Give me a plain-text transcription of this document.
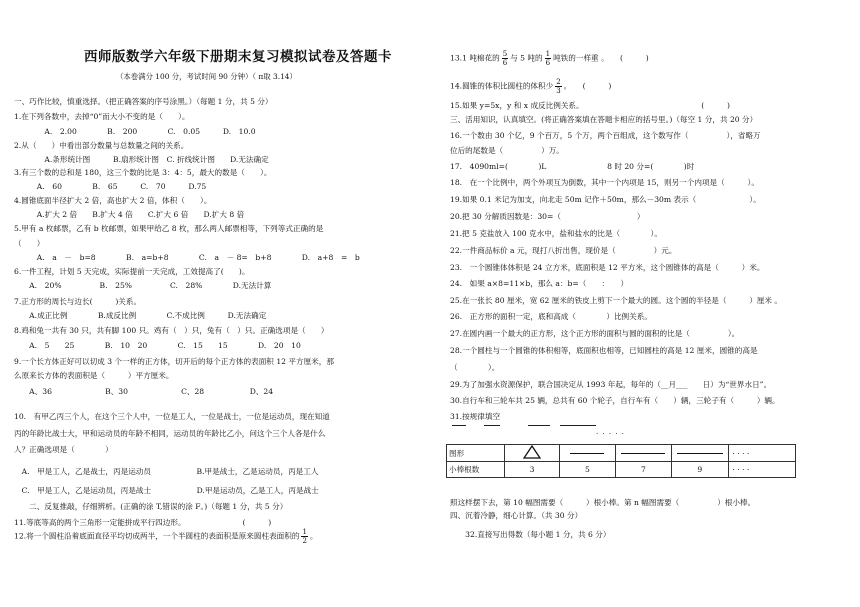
西师版数学六年级下册期末复习模拟试卷及答题卡
（本卷满分 100 分，考试时间 90 分钟）（ π取 3.14）
一、巧作比较，慎重选择。（把正确答案的序号涂黑。）（每题 1 分，共 5 分）
1.在下列各数中，去掉“0”而大小不变的是（　　）。
　　　　A.　2.00　　　　B.　200　　　　C.　0.05　　　D.　10.0
2.从（　　）中看出部分数量与总数量之间的关系。
　　　　A.条形统计图　　　B.扇形统计图　C. 折线统计图　　D.无法确定
3.有三个数的总和是 180，这三个数的比是 3：4：5，最大的数是（　　）。
　　　A.　60　　　　B.　65　　　C.　70　　　D.75
4.圆锥底面半径扩大 2 倍，高也扩大 2 倍，体积（　　）。
　　　A.扩大 2 倍　　B.扩大 4 倍　　C.扩大 6 倍　　D.扩大 8 倍
5.甲有 a 枚邮票，乙有 b 枚邮票，如果甲给乙 8 枚，那么两人邮票相等，下列等式正确的是
（　　）
　　　A.　a　－　b=8　　　　B.　a=b+8　　　　C.　a　－ 8=　b+8　　　　D.　a+8　=　b
6.一件工程，计划 5 天完成，实际提前一天完成，工效提高了(　　)。
　　A.　20%　　　　　B.　25%　　　　　C.　28%　　　　D.无法计算
7.正方形的周长与边长(　　　)关系。
　　A.成正比例　　　　B.成反比例　　　　C.不成比例　　　D.无法确定
8.鸡和兔一共有 30 只，共有脚 100 只。鸡有（　）只，兔有（　）只。正确选项是（　　）
　　A.　5　　25　　　　B.　10　20　　　　C.　15　　15　　　　D.　20　10
9.一个长方体正好可以切成 3 个一样的正方体，切开后的每个正方体的表面积 12 平方厘米，那
么原来长方体的表面积是（　　　）平方厘米。
　　A、36　　　　　　　B、30　　　　　　　C、28　　　　　　D、24
10.　有甲乙丙三个人，在这个三个人中，一位是工人，一位是战士，一位是运动员，现在知道
丙的年龄比战士大，甲和运动员的年龄不相同，运动员的年龄比乙小，问这个三个人各是什么
人？正确选项是（　　　　）
　A.　甲是工人，乙是战士，丙是运动员　　　　　　B.甲是战士，乙是运动员，丙是工人
　C.　甲是工人，乙是运动员，丙是战士　　　　　　D.甲是运动员，乙是工人，丙是战士
　　二、反复推敲，仔细辨析。(正确的涂 T,错误的涂 F。)（每题 1 分，共 5 分）
11.等底等高的两个三角形一定能拼成平行四边形。　　　　　　　　(　　　)
12.将一个圆柱沿着底面直径平均切成两半，一个半圆柱的表面积是原来圆柱表面积的 $\frac{1}{2}$ 。
13.1 吨棉花的 $\frac{5}{6}$ 与 5 吨的 $\frac{1}{6}$ 吨铁的一样重 。　　(　　　)
14.圆锥的体积比圆柱的体积少 $\frac{2}{3}$ 。　　(　　　)
15.如果 y=5x，y 和 x 成反比例关系。　　　　　　　　　　　　　　　　(　　　)
三、活用知识，认真填空。(将正确答案填在答题卡相应的括号里。)（每空 1 分，共 20 分）
16.一个数由 30 个亿，9 个百万，5 个万，两个百组成，这个数写作（　　　　　），省略万
位后的尾数是（　　　　　）万。
17.　4090ml=(　　　　)L　　　　　　　　8 时 20 分=(　　　　)时
18.　在一个比例中，两个外项互为倒数，其中一个内项是 15，则另一个内项是（　　　）。
19.如果 0.1 米记为加支，向北走 50m 记作＋50m，那么－30m 表示（　　　　　　　）。
20.把 30 分解质因数是：30=（　　　　　　　　　　）
21.把 5 克盐放入 100 克水中，盐和盐水的比是（　　　　）。
22.一件商品标价 a 元，现打八折出售，现价是（　　　　　）元。
23.　一个圆锥体体积是 24 立方米，底面积是 12 平方米，这个圆锥体的高是（　　　）米。
24.　如果 a×8=11×b，那么 a：b=（　　：　　）
25.在一张长 80 厘米，宽 62 厘米的铁皮上剪下一个最大的圆。这个圆的半径是（　　　）厘米 。
26.　正方形的面积一定，底和高成（　　　　）比例关系。
27.在圆内画一个最大的正方形，这个正方形的面积与圆的面积的比是（　　　　　）。
28.一个圆柱与一个圆锥的体积相等，底面积也相等，已知圆柱的高是 12 厘米，圆锥的高是
（　　　　）。
29.为了加强水资源保护，联合国决定从 1993 年起，每年的（__月___　　日）为“世界水日”。
30.自行车和三轮车共 25 辆，总共有 60 个轮子，自行车有（　　）辆，三轮子有（　　　）辆。
31.按规律填空
· · · · ·
图形					· · · ·
小棒根数	3	5	7	9	· · · ·
照这样摆下去，第 10 幅图需要（　　　）根小棒。第 n 幅图需要（　　　　　）根小棒。
四、沉着冷静，细心计算。（共 30 分）
　　32.直接写出得数（每小题 1 分，共 6 分）
